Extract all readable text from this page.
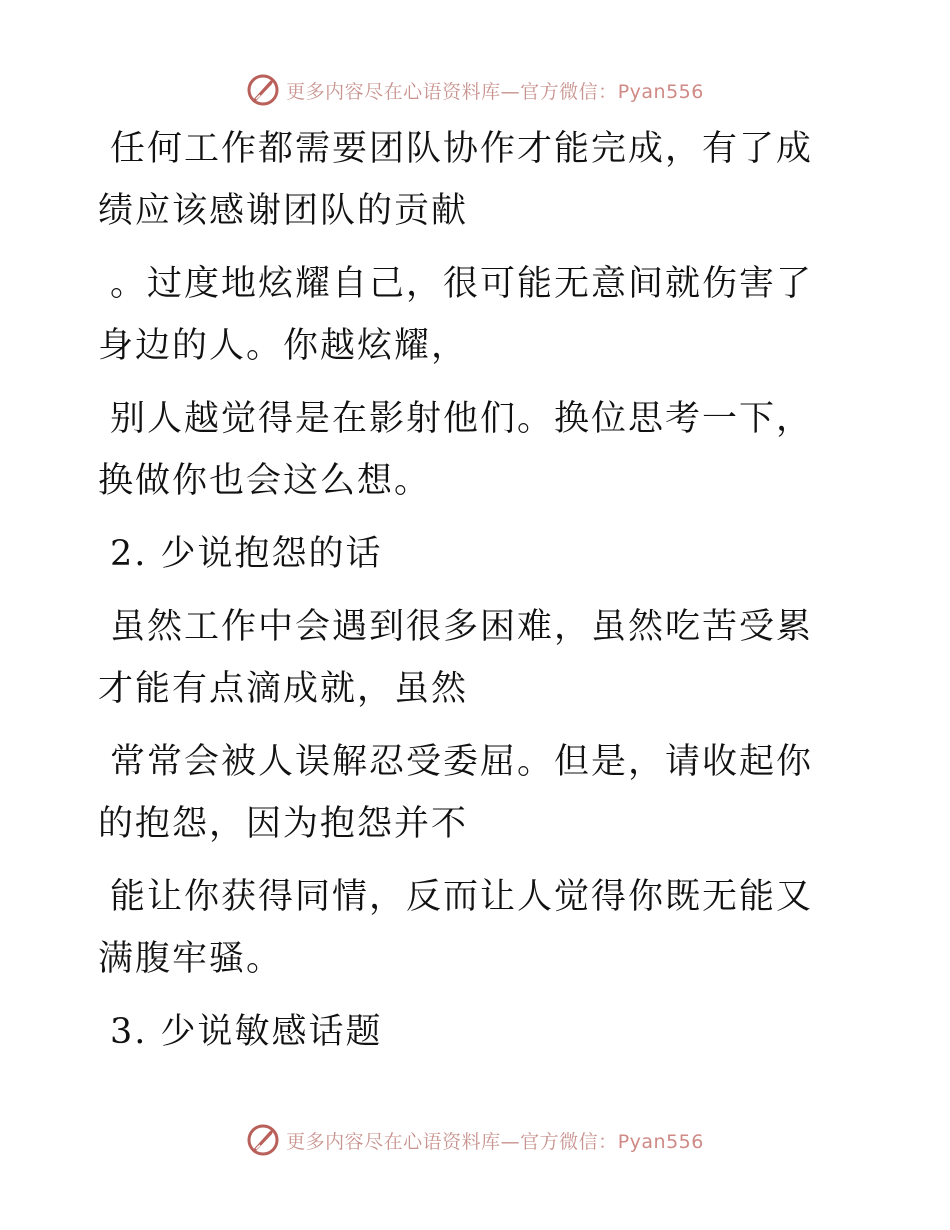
更多内容尽在心语资料库—官方微信：Pyan556

任何工作都需要团队协作才能完成，有了成绩应该感谢团队的贡献

。过度地炫耀自己，很可能无意间就伤害了身边的人。你越炫耀，

别人越觉得是在影射他们。换位思考一下，换做你也会这么想。

2. 少说抱怨的话

虽然工作中会遇到很多困难，虽然吃苦受累才能有点滴成就，虽然

常常会被人误解忍受委屈。但是，请收起你的抱怨，因为抱怨并不

能让你获得同情，反而让人觉得你既无能又满腹牢骚。

3. 少说敏感话题

更多内容尽在心语资料库—官方微信：Pyan556
